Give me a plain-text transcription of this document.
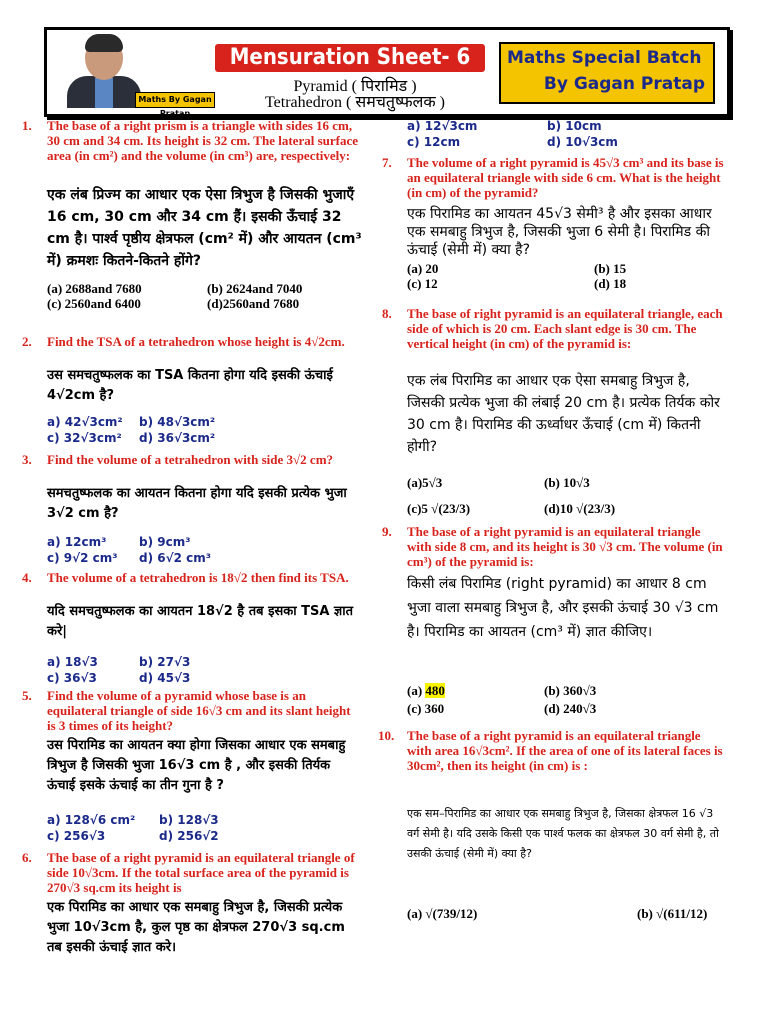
Maths By Gagan Pratap
Mensuration Sheet- 6
Pyramid ( पिरामिड )
Tetrahedron ( समचतुष्फलक )
Maths Special Batch
By Gagan Pratap
1. The base of a right prism is a triangle with sides 16 cm, 30 cm and 34 cm. Its height is 32 cm. The lateral surface area (in cm²) and the volume (in cm³) are, respectively:
एक लंब प्रिज्म का आधार एक ऐसा त्रिभुज है जिसकी भुजाएँ 16 cm, 30 cm और 34 cm हैं। इसकी ऊँचाई 32 cm है। पार्श्व पृष्ठीय क्षेत्रफल (cm² में) और आयतन (cm³ में) क्रमशः कितने-कितने होंगे?
(a) 2688and 7680	(b) 2624and 7040
(c) 2560and 6400	(d)2560and 7680
2. Find the TSA of a tetrahedron whose height is 4√2cm.
उस समचतुष्फलक का TSA कितना होगा यदि इसकी ऊंचाई 4√2cm है?
a) 42√3cm² b) 48√3cm²
c) 32√3cm² d) 36√3cm²
3. Find the volume of a tetrahedron with side 3√2 cm?
समचतुष्फलक का आयतन कितना होगा यदि इसकी प्रत्येक भुजा 3√2 cm है?
a) 12cm³	b) 9cm³
c) 9√2 cm³ d) 6√2 cm³
4. The volume of a tetrahedron is 18√2 then find its TSA.
यदि समचतुष्फलक का आयतन 18√2 है तब इसका TSA ज्ञात करे|
a) 18√3	b) 27√3
c) 36√3	d) 45√3
5. Find the volume of a pyramid whose base is an equilateral triangle of side 16√3 cm and its slant height is 3 times of its height?
उस पिरामिड का आयतन क्या होगा जिसका आधार एक समबाहु त्रिभुज है जिसकी भुजा 16√3 cm है , और इसकी तिर्यक ऊंचाई इसके ऊंचाई का तीन गुना है ?
a) 128√6 cm² b) 128√3
c) 256√3	d) 256√2
6. The base of a right pyramid is an equilateral triangle of side 10√3cm. If the total surface area of the pyramid is 270√3 sq.cm its height is
एक पिरामिड का आधार एक समबाहु त्रिभुज है, जिसकी प्रत्येक भुजा 10√3cm है, कुल पृष्ठ का क्षेत्रफल 270√3 sq.cm तब इसकी ऊंचाई ज्ञात करे।
a) 12√3cm	b) 10cm
c) 12cm	d) 10√3cm
7. The volume of a right pyramid is 45√3 cm³ and its base is an equilateral triangle with side 6 cm. What is the height (in cm) of the pyramid?
एक पिरामिड का आयतन 45√3 सेमी³ है और इसका आधार एक समबाहु त्रिभुज है, जिसकी भुजा 6 सेमी है। पिरामिड की ऊंचाई (सेमी में) क्या है?
(a) 20	(b) 15
(c) 12	(d) 18
8. The base of right pyramid is an equilateral triangle, each side of which is 20 cm. Each slant edge is 30 cm. The vertical height (in cm) of the pyramid is:
एक लंब पिरामिड का आधार एक ऐसा समबाहु त्रिभुज है, जिसकी प्रत्येक भुजा की लंबाई 20 cm है। प्रत्येक तिर्यक कोर 30 cm है। पिरामिड की ऊर्ध्वाधर ऊँचाई (cm में) कितनी होगी?
(a)5√3	(b) 10√3
(c)5 √(23/3)	(d)10 √(23/3)
9. The base of a right pyramid is an equilateral triangle with side 8 cm, and its height is 30 √3 cm. The volume (in cm³) of the pyramid is:
किसी लंब पिरामिड (right pyramid) का आधार 8 cm भुजा वाला समबाहु त्रिभुज है, और इसकी ऊंचाई 30 √3 cm है। पिरामिड का आयतन (cm³ में) ज्ञात कीजिए।
(a) 480	(b) 360√3
(c) 360	(d) 240√3
10. The base of a right pyramid is an equilateral triangle with area 16√3cm². If the area of one of its lateral faces is 30cm², then its height (in cm) is :
एक सम–पिरामिड का आधार एक समबाहु त्रिभुज है, जिसका क्षेत्रफल 16 √3 वर्ग सेमी है। यदि उसके किसी एक पार्श्व फलक का क्षेत्रफल 30 वर्ग सेमी है, तो उसकी ऊंचाई (सेमी में) क्या है?
(a) √(739/12)	(b) √(611/12)
